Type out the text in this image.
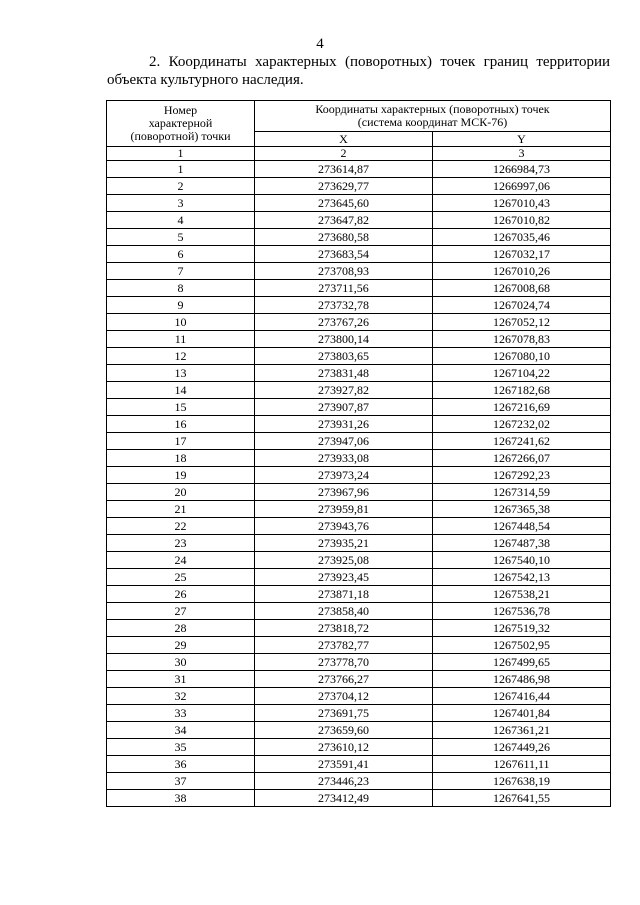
4
2. Координаты характерных (поворотных) точек границ территории
объекта культурного наследия.
Номер
характерной
(поворотной) точки	Координаты характерных (поворотных) точек
(система координат МСК-76)	

	X	Y
1	2	3
1	273614,87	1266984,73
2	273629,77	1266997,06
3	273645,60	1267010,43
4	273647,82	1267010,82
5	273680,58	1267035,46
6	273683,54	1267032,17
7	273708,93	1267010,26
8	273711,56	1267008,68
9	273732,78	1267024,74
10	273767,26	1267052,12
11	273800,14	1267078,83
12	273803,65	1267080,10
13	273831,48	1267104,22
14	273927,82	1267182,68
15	273907,87	1267216,69
16	273931,26	1267232,02
17	273947,06	1267241,62
18	273933,08	1267266,07
19	273973,24	1267292,23
20	273967,96	1267314,59
21	273959,81	1267365,38
22	273943,76	1267448,54
23	273935,21	1267487,38
24	273925,08	1267540,10
25	273923,45	1267542,13
26	273871,18	1267538,21
27	273858,40	1267536,78
28	273818,72	1267519,32
29	273782,77	1267502,95
30	273778,70	1267499,65
31	273766,27	1267486,98
32	273704,12	1267416,44
33	273691,75	1267401,84
34	273659,60	1267361,21
35	273610,12	1267449,26
36	273591,41	1267611,11
37	273446,23	1267638,19
38	273412,49	1267641,55
